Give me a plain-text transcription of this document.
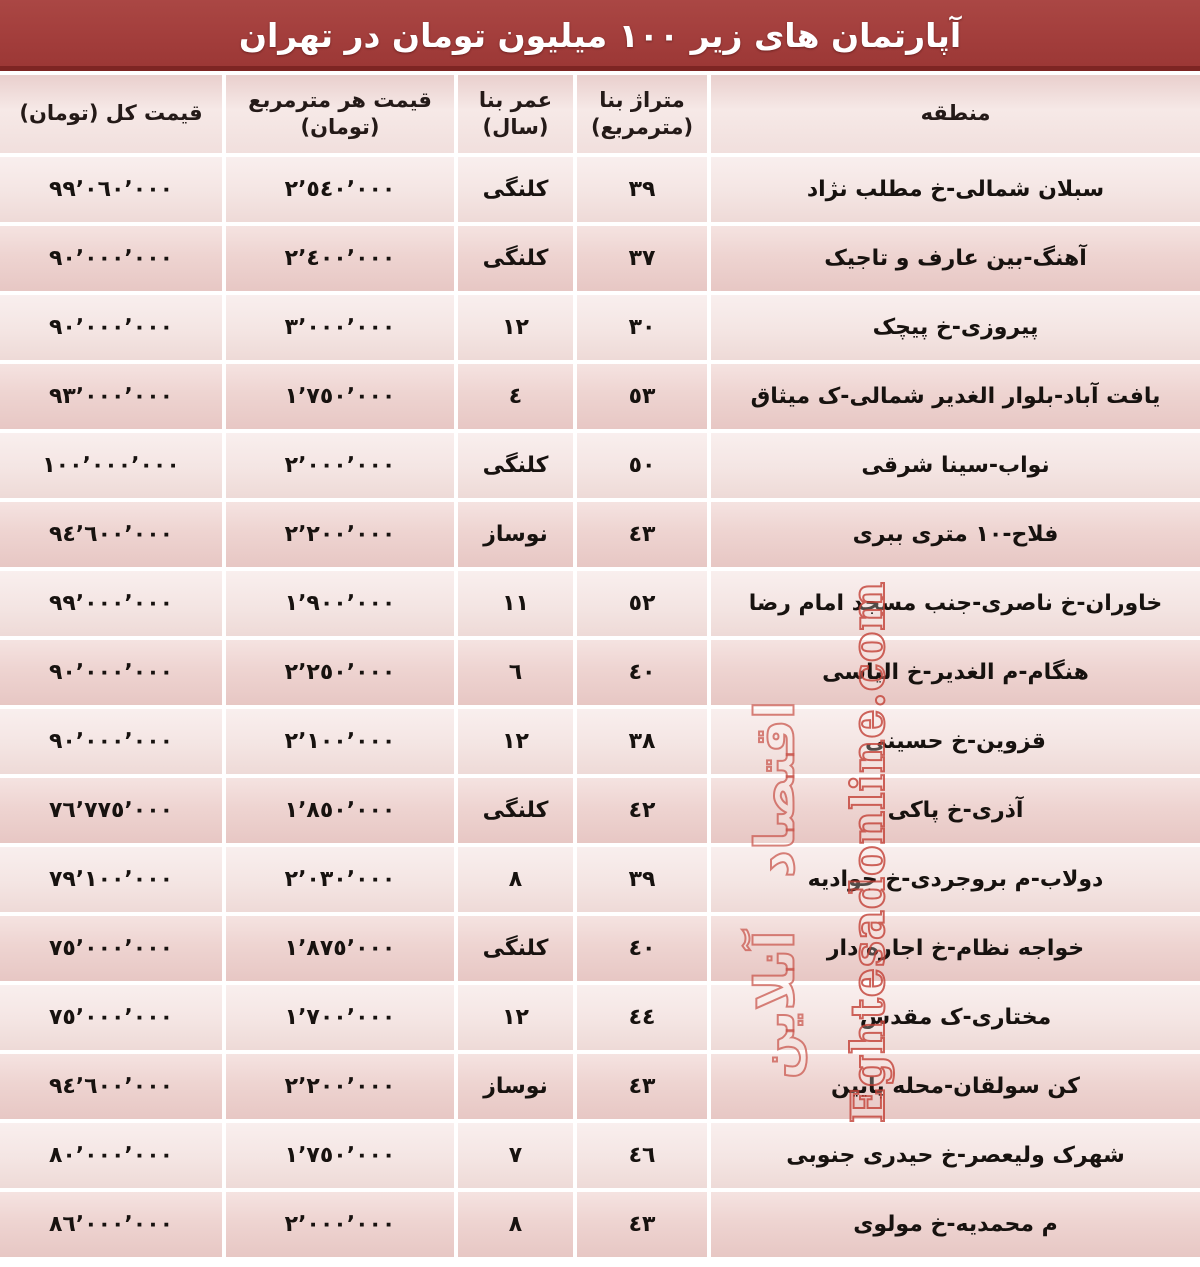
آپارتمان های زیر ١٠٠ میلیون تومان در تهران
منطقه
متراژ بنا
(مترمربع)
عمر بنا
(سال)
قیمت هر مترمربع
(تومان)
قیمت کل (تومان)
سبلان شمالی-خ مطلب نژاد
٣٩
کلنگی
٢٬٥٤٠٬٠٠٠
٩٩٬٠٦٠٬٠٠٠
آهنگ-بین عارف و تاجیک
٣٧
کلنگی
٢٬٤٠٠٬٠٠٠
٩٠٬٠٠٠٬٠٠٠
پیروزی-خ پیچک
٣٠
١٢
٣٬٠٠٠٬٠٠٠
٩٠٬٠٠٠٬٠٠٠
یافت آباد-بلوار الغدیر شمالی-ک میثاق
٥٣
٤
١٬٧٥٠٬٠٠٠
٩٣٬٠٠٠٬٠٠٠
نواب-سینا شرقی
٥٠
کلنگی
٢٬٠٠٠٬٠٠٠
١٠٠٬٠٠٠٬٠٠٠
فلاح-١٠ متری ببری
٤٣
نوساز
٢٬٢٠٠٬٠٠٠
٩٤٬٦٠٠٬٠٠٠
خاوران-خ ناصری-جنب مسجد امام رضا
٥٢
١١
١٬٩٠٠٬٠٠٠
٩٩٬٠٠٠٬٠٠٠
هنگام-م الغدیر-خ الیاسی
٤٠
٦
٢٬٢٥٠٬٠٠٠
٩٠٬٠٠٠٬٠٠٠
قزوین-خ حسینی
٣٨
١٢
٢٬١٠٠٬٠٠٠
٩٠٬٠٠٠٬٠٠٠
آذری-خ پاکی
٤٢
کلنگی
١٬٨٥٠٬٠٠٠
٧٦٬٧٧٥٬٠٠٠
دولاب-م بروجردی-خ جوادیه
٣٩
٨
٢٬٠٣٠٬٠٠٠
٧٩٬١٠٠٬٠٠٠
خواجه نظام-خ اجاره دار
٤٠
کلنگی
١٬٨٧٥٬٠٠٠
٧٥٬٠٠٠٬٠٠٠
مختاری-ک مقدس
٤٤
١٢
١٬٧٠٠٬٠٠٠
٧٥٬٠٠٠٬٠٠٠
کن سولقان-محله پایین
٤٣
نوساز
٢٬٢٠٠٬٠٠٠
٩٤٬٦٠٠٬٠٠٠
شهرک ولیعصر-خ حیدری جنوبی
٤٦
٧
١٬٧٥٠٬٠٠٠
٨٠٬٠٠٠٬٠٠٠
م محمدیه-خ مولوی
٤٣
٨
٢٬٠٠٠٬٠٠٠
٨٦٬٠٠٠٬٠٠٠
اقتصاد آنلاین Eghtesadonline.com
